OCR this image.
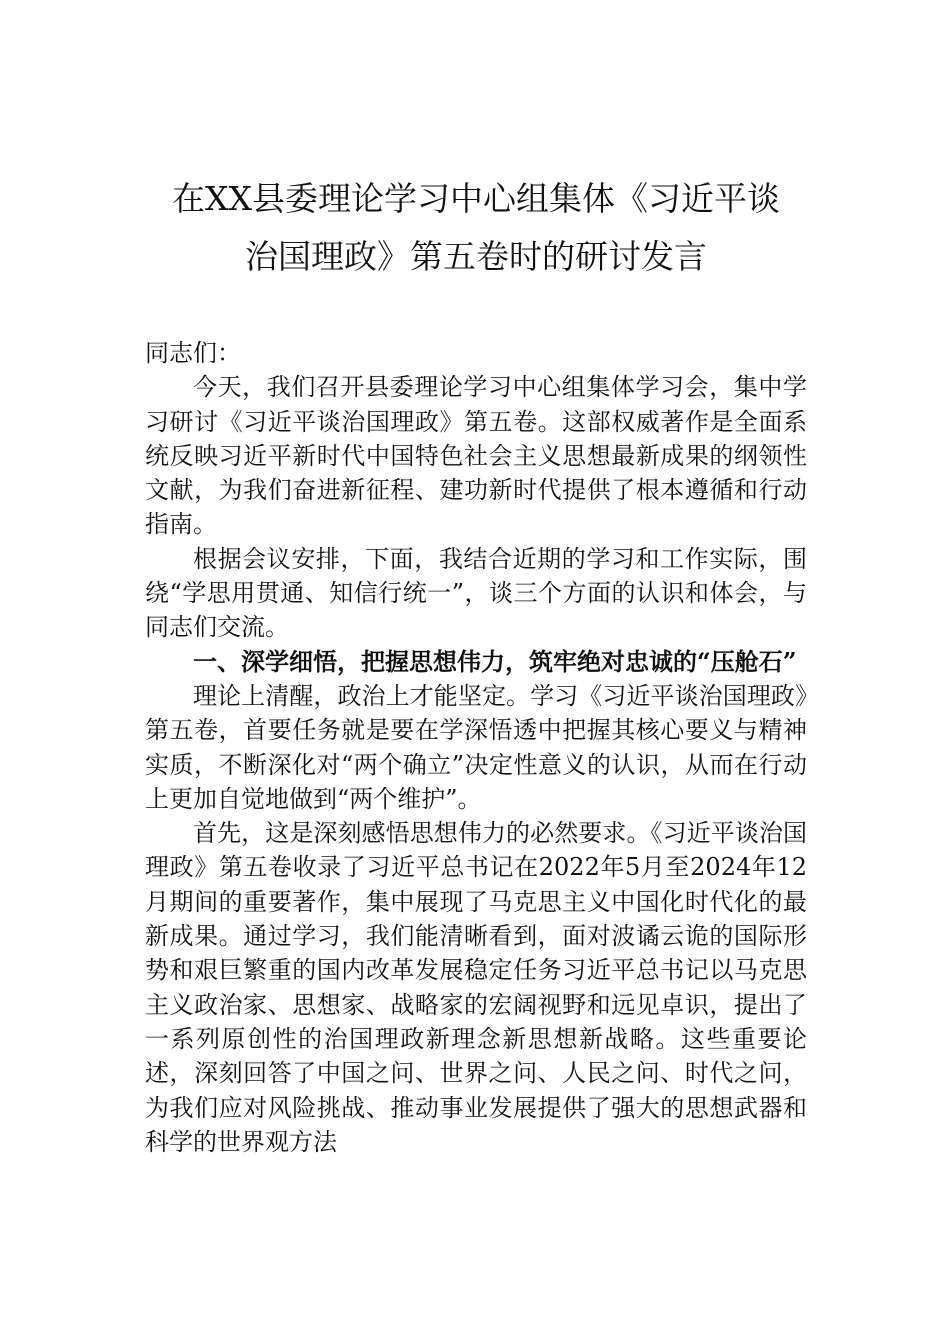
在XX县委理论学习中心组集体《习近平谈
治国理政》第五卷时的研讨发言

同志们：

今天，我们召开县委理论学习中心组集体学习会，集中学习研讨《习近平谈治国理政》第五卷。这部权威著作是全面系统反映习近平新时代中国特色社会主义思想最新成果的纲领性文献，为我们奋进新征程、建功新时代提供了根本遵循和行动指南。

根据会议安排，下面，我结合近期的学习和工作实际，围绕“学思用贯通、知信行统一”，谈三个方面的认识和体会，与同志们交流。

一、深学细悟，把握思想伟力，筑牢绝对忠诚的“压舱石”

理论上清醒，政治上才能坚定。学习《习近平谈治国理政》第五卷，首要任务就是要在学深悟透中把握其核心要义与精神实质，不断深化对“两个确立”决定性意义的认识，从而在行动上更加自觉地做到“两个维护”。

首先，这是深刻感悟思想伟力的必然要求。《习近平谈治国理政》第五卷收录了习近平总书记在2022年5月至2024年12月期间的重要著作，集中展现了马克思主义中国化时代化的最新成果。通过学习，我们能清晰看到，面对波谲云诡的国际形势和艰巨繁重的国内改革发展稳定任务习近平总书记以马克思主义政治家、思想家、战略家的宏阔视野和远见卓识，提出了一系列原创性的治国理政新理念新思想新战略。这些重要论述，深刻回答了中国之问、世界之问、人民之问、时代之问，为我们应对风险挑战、推动事业发展提供了强大的思想武器和科学的世界观方法
